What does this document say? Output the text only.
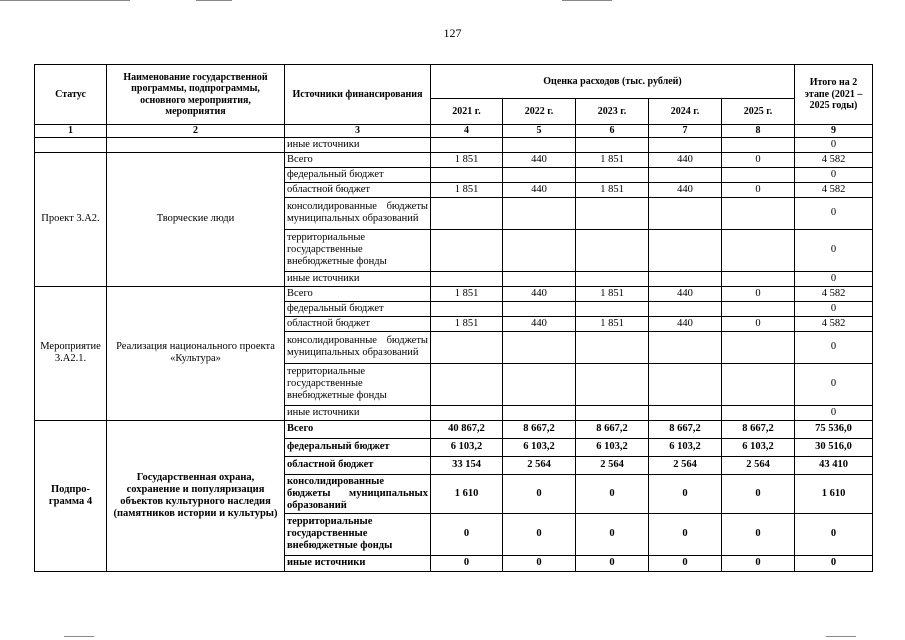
127
Статус	Наименование государственной программы, подпрограммы, основного мероприятия, мероприятия	Источники финансирования	Оценка расходов (тыс. рублей)					Итого на 2 этапе (2021 – 2025 годы)
			2021 г.	2022 г.	2023 г.	2024 г.	2025 г.	
1	2	3	4	5	6	7	8	9
		иные источники						0
Проект 3.А2.	Творческие люди	Всего	1 851	440	1 851	440	0	4 582
		федеральный бюджет						0
		областной бюджет	1 851	440	1 851	440	0	4 582
		консолидированные бюджеты муниципальных образований						0
		территориальные государственные внебюджетные фонды						0
		иные источники						0
Мероприятие 3.А2.1.	Реализация национального проекта «Культура»	Всего	1 851	440	1 851	440	0	4 582
		федеральный бюджет						0
		областной бюджет	1 851	440	1 851	440	0	4 582
		консолидированные бюджеты муниципальных образований						0
		территориальные государственные внебюджетные фонды						0
		иные источники						0
Подпро-грамма 4	Государственная охрана, сохранение и популяризация объектов культурного наследия (памятников истории и культуры)	Всего	40 867,2	8 667,2	8 667,2	8 667,2	8 667,2	75 536,0
		федеральный бюджет	6 103,2	6 103,2	6 103,2	6 103,2	6 103,2	30 516,0
		областной бюджет	33 154	2 564	2 564	2 564	2 564	43 410
		консолидированные бюджеты муниципальных образований	1 610	0	0	0	0	1 610
		территориальные государственные внебюджетные фонды	0	0	0	0	0	0
		иные источники	0	0	0	0	0	0
